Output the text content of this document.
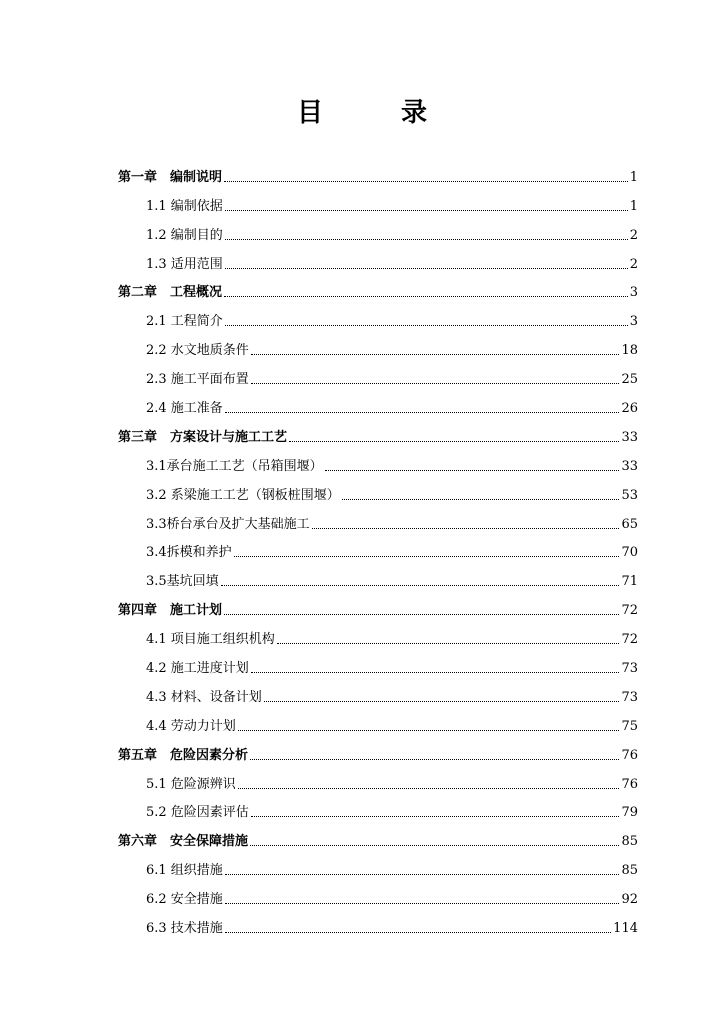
目　录
第一章　编制说明	1
1.1 编制依据	1
1.2 编制目的	2
1.3 适用范围	2
第二章　工程概况	3
2.1 工程简介	3
2.2 水文地质条件	18
2.3 施工平面布置	25
2.4 施工准备	26
第三章　方案设计与施工工艺	33
3.1承台施工工艺（吊箱围堰）	33
3.2 系梁施工工艺（钢板桩围堰）	53
3.3桥台承台及扩大基础施工	65
3.4拆模和养护	70
3.5基坑回填	71
第四章　施工计划	72
4.1 项目施工组织机构	72
4.2 施工进度计划	73
4.3 材料、设备计划	73
4.4 劳动力计划	75
第五章　危险因素分析	76
5.1 危险源辨识	76
5.2 危险因素评估	79
第六章　安全保障措施	85
6.1 组织措施	85
6.2 安全措施	92
6.3 技术措施	114
